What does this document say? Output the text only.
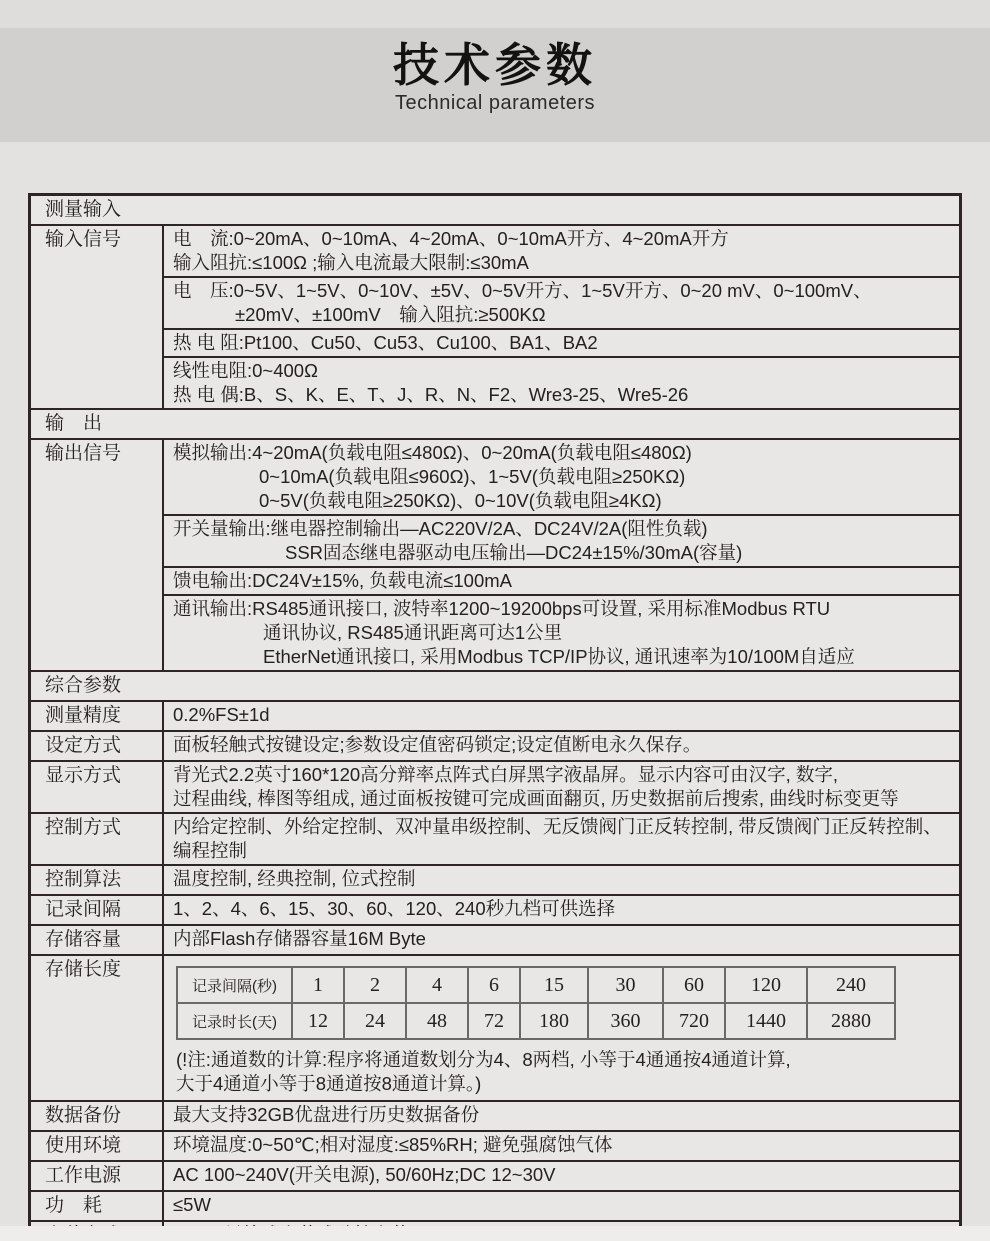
技术参数
Technical parameters
测量输入
输入信号	电　流:0~20mA、0~10mA、4~20mA、0~10mA开方、4~20mA开方
输入阻抗:≤100Ω ;输入电流最大限制:≤30mA
电　压:0~5V、1~5V、0~10V、±5V、0~5V开方、1~5V开方、0~20 mV、0~100mV、
±20mV、±100mV　输入阻抗:≥500KΩ
热 电 阻:Pt100、Cu50、Cu53、Cu100、BA1、BA2
线性电阻:0~400Ω
热 电 偶:B、S、K、E、T、J、R、N、F2、Wre3-25、Wre5-26
输　出
输出信号	模拟输出:4~20mA(负载电阻≤480Ω)、0~20mA(负载电阻≤480Ω)
0~10mA(负载电阻≤960Ω)、1~5V(负载电阻≥250KΩ)
0~5V(负载电阻≥250KΩ)、0~10V(负载电阻≥4KΩ)
开关量输出:继电器控制输出—AC220V/2A、DC24V/2A(阻性负载)
SSR固态继电器驱动电压输出—DC24±15%/30mA(容量)
馈电输出:DC24V±15%, 负载电流≤100mA
通讯输出:RS485通讯接口, 波特率1200~19200bps可设置, 采用标准Modbus RTU
通讯协议, RS485通讯距离可达1公里
EtherNet通讯接口, 采用Modbus TCP/IP协议, 通讯速率为10/100M自适应
综合参数
测量精度	0.2%FS±1d
设定方式	面板轻触式按键设定;参数设定值密码锁定;设定值断电永久保存。
显示方式	背光式2.2英寸160*120高分辩率点阵式白屏黑字液晶屏。显示内容可由汉字, 数字,
过程曲线, 棒图等组成, 通过面板按键可完成画面翻页, 历史数据前后搜索, 曲线时标变更等
控制方式	内给定控制、外给定控制、双冲量串级控制、无反馈阀门正反转控制, 带反馈阀门正反转控制、
编程控制
控制算法	温度控制, 经典控制, 位式控制
记录间隔	1、2、4、6、15、30、60、120、240秒九档可供选择
存储容量	内部Flash存储器容量16M Byte
存储长度
记录间隔(秒)	1	2	4	6	15	30	60	120	240
记录时长(天)	12	24	48	72	180	360	720	1440	2880
(!注:通道数的计算:程序将通道数划分为4、8两档, 小等于4通通按4通道计算,
大于4通道小等于8通道按8通道计算。)
数据备份	最大支持32GB优盘进行历史数据备份
使用环境	环境温度:0~50℃;相对湿度:≤85%RH; 避免强腐蚀气体
工作电源	AC 100~240V(开关电源), 50/60Hz;DC 12~30V
功　耗	≤5W
